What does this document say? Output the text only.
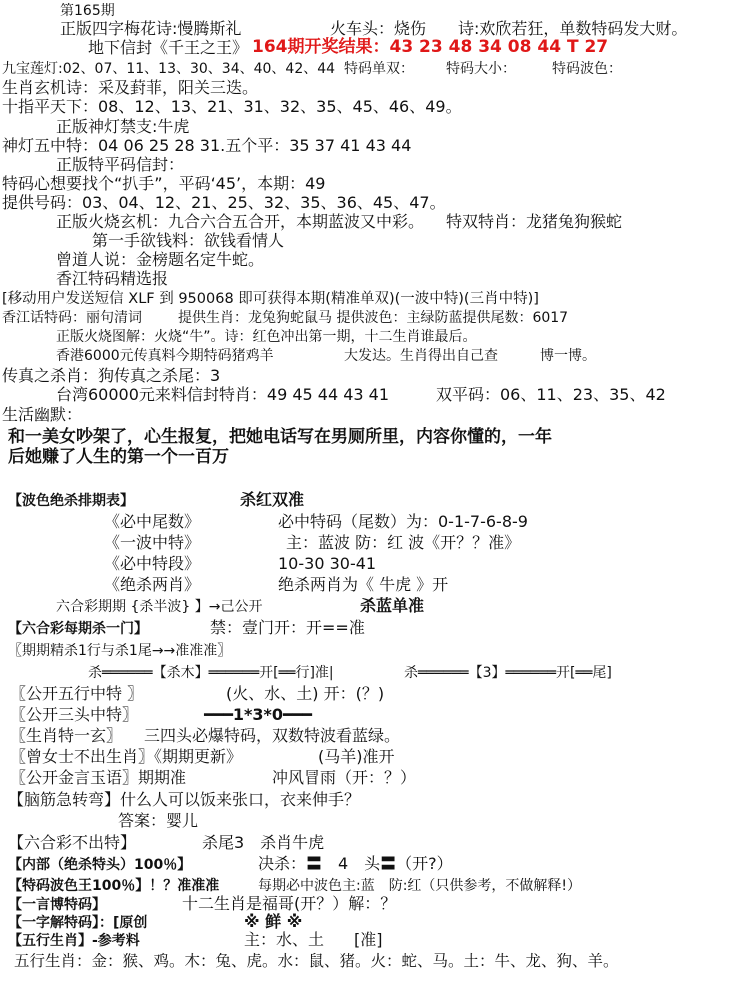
第165期
正版四字梅花诗:慢腾斯礼	火车头：烧伤 诗:欢欣若狂，单数特码发大财。
地下信封《千王之王》 164期开奖结果：43 23 48 34 08 44 T 27
九宝莲灯:02、07、11、13、30、34、40、42、44 特码单双： 特码大小：	特码波色：
生肖玄机诗：采及葑菲，阳关三迭。
十指平天下：08、12、13、21、31、32、35、45、46、49。
正版神灯禁支:牛虎
神灯五中特：04 06 25 28 31.五个平：35 37 41 43 44
正版特平码信封：
特码心想要找个“扒手”，平码‘45’，本期：49
提供号码：03、04、12、21、25、32、35、36、45、47。
正版火烧玄机：九合六合五合开，本期蓝波又中彩。 特双特肖：龙猪兔狗猴蛇
第一手欲钱料：欲钱看情人
曾道人说：金榜题名定牛蛇。
香江特码精选报
[移动用户发送短信 XLF 到 950068 即可获得本期(精准单双)(一波中特)(三肖中特)]
香江话特码：丽句清词	提供生肖：龙兔狗蛇鼠马 提供波色：主绿防蓝提供尾数：6017
正版火烧图解：火烧“牛”。诗：红色冲出第一期，十二生肖谁最后。
香港6000元传真料今期特码猪鸡羊	大发达。生肖得出自己查	博一博。
传真之杀肖：狗传真之杀尾：3
台湾60000元来料信封特肖：49 45 44 43 41	双平码：06、11、23、35、42
生活幽默：
和一美女吵架了，心生报复，把她电话写在男厕所里，内容你懂的，一年
后她赚了人生的第一个一百万
【波色绝杀排期表】	杀红双准
《必中尾数》	必中特码（尾数）为：0-1-7-6-8-9
《一波中特》	主：蓝波 防：红 波《开？？准》
《必中特段》	10-30 30-41
《绝杀两肖》	绝杀两肖为《 牛虎 》开
六合彩期期 {杀半波} 】→己公开	杀蓝单准
【六合彩每期杀一门】	禁：壹门开：开==准
〖期期精杀1行与杀1尾→→准准准〗
杀══════【杀木】══════开[══行]准|	杀══════【3】══════开[══尾]
〖公开五行中特 〗	(火、水、土) 开：(？)
〖公开三头中特〗	━━━1*3*0━━━
〖生肖特一玄〗 三四头必爆特码，双数特波看蓝绿。
〖曾女士不出生肖〗《期期更新》	(马羊)准开
〖公开金言玉语〗期期准	冲风冒雨（开：？）
【脑筋急转弯】什么人可以饭来张口，衣来伸手？
答案：婴儿
【六合彩不出特】	杀尾3　杀肖牛虎
【内部（绝杀特头）100％】	决杀：〓　4　头〓（开?）
【特码波色王100％】！？准准准	每期必中波色主:蓝　防:红（只供参考，不做解释!）
【一言博特码】	十二生肖是福哥(开？）解：？
【一字解特码】：[原创	※ 鲜 ※
【五行生肖】-参考料	主：水、土 [准]
五行生肖：金：猴、鸡。木：兔、虎。水：鼠、猪。火：蛇、马。土：牛、龙、狗、羊。
